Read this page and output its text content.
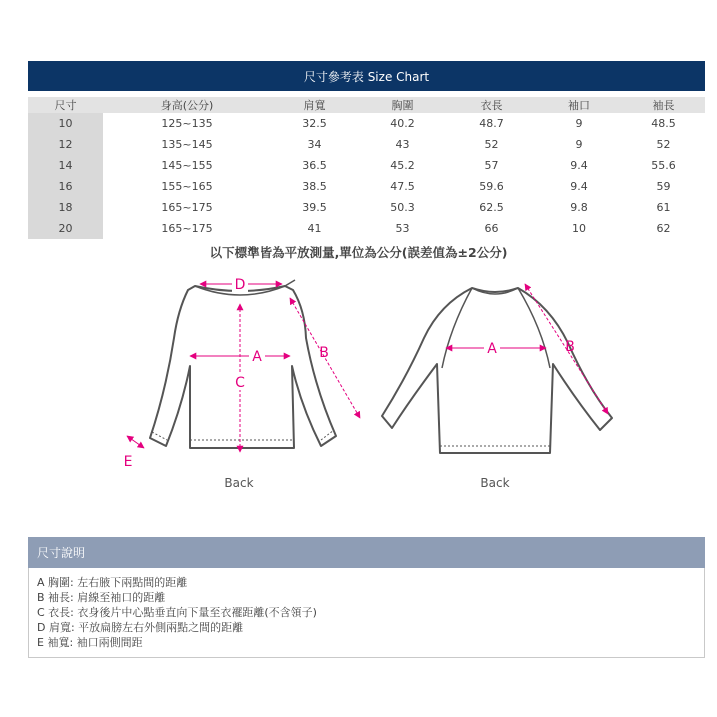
尺寸參考表 Size Chart
尺寸	身高(公分)	肩寬	胸圍	衣長	袖口	袖長
10	125~135	32.5	40.2	48.7	9	48.5
12	135~145	34	43	52	9	52
14	145~155	36.5	45.2	57	9.4	55.6
16	155~165	38.5	47.5	59.6	9.4	59
18	165~175	39.5	50.3	62.5	9.8	61
20	165~175	41	53	66	10	62
以下標準皆為平放測量,單位為公分(誤差值為±2公分)
D
A
C
B
E
Back
A	B
Back
尺寸說明
A 胸圍: 左右腋下兩點間的距離
B 袖長: 肩線至袖口的距離
C 衣長: 衣身後片中心點垂直向下量至衣襬距離(不含領子)
D 肩寬: 平放扁膀左右外側兩點之間的距離
E 袖寬: 袖口兩側間距
